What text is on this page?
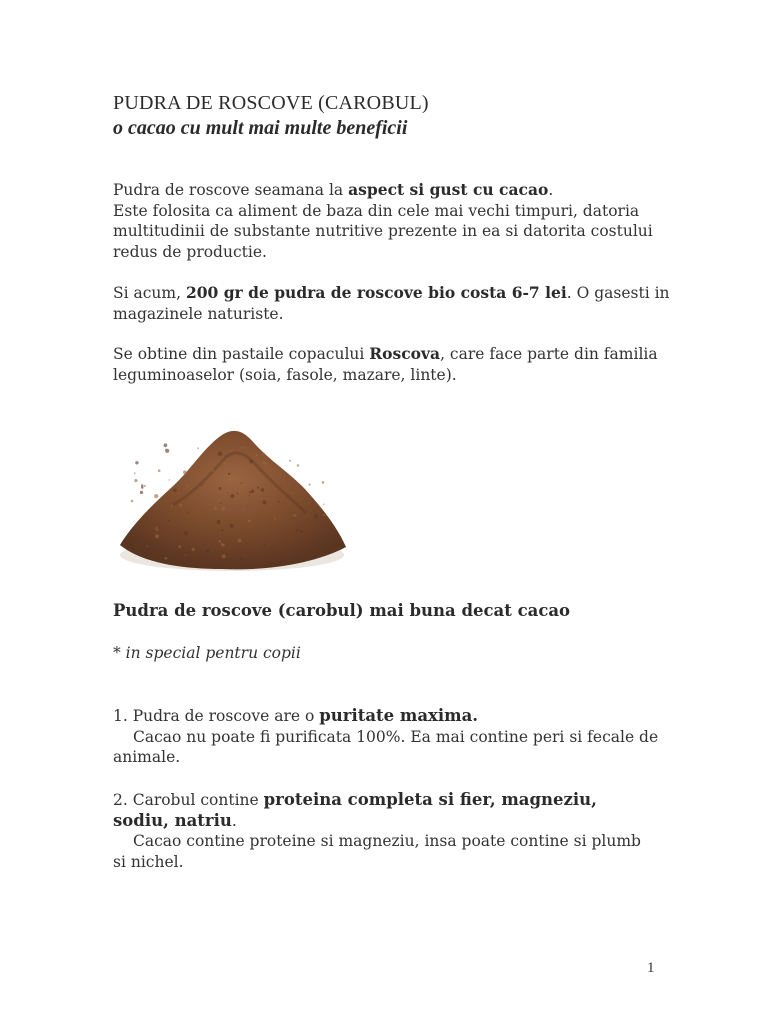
PUDRA DE ROSCOVE (CAROBUL)
o cacao cu mult mai multe beneficii

Pudra de roscove seamana la aspect si gust cu cacao.
Este folosita ca aliment de baza din cele mai vechi timpuri, datoria multitudinii de substante nutritive prezente in ea si datorita costului redus de productie.

Si acum, 200 gr de pudra de roscove bio costa 6-7 lei. O gasesti in magazinele naturiste.

Se obtine din pastaile copacului Roscova, care face parte din familia leguminoaselor (soia, fasole, mazare, linte).

Pudra de roscove (carobul) mai buna decat cacao

* in special pentru copii

1. Pudra de roscove are o puritate maxima.
Cacao nu poate fi purificata 100%. Ea mai contine peri si fecale de animale.

2. Carobul contine proteina completa si fier, magneziu, sodiu, natriu.
Cacao contine proteine si magneziu, insa poate contine si plumb si nichel.

1
